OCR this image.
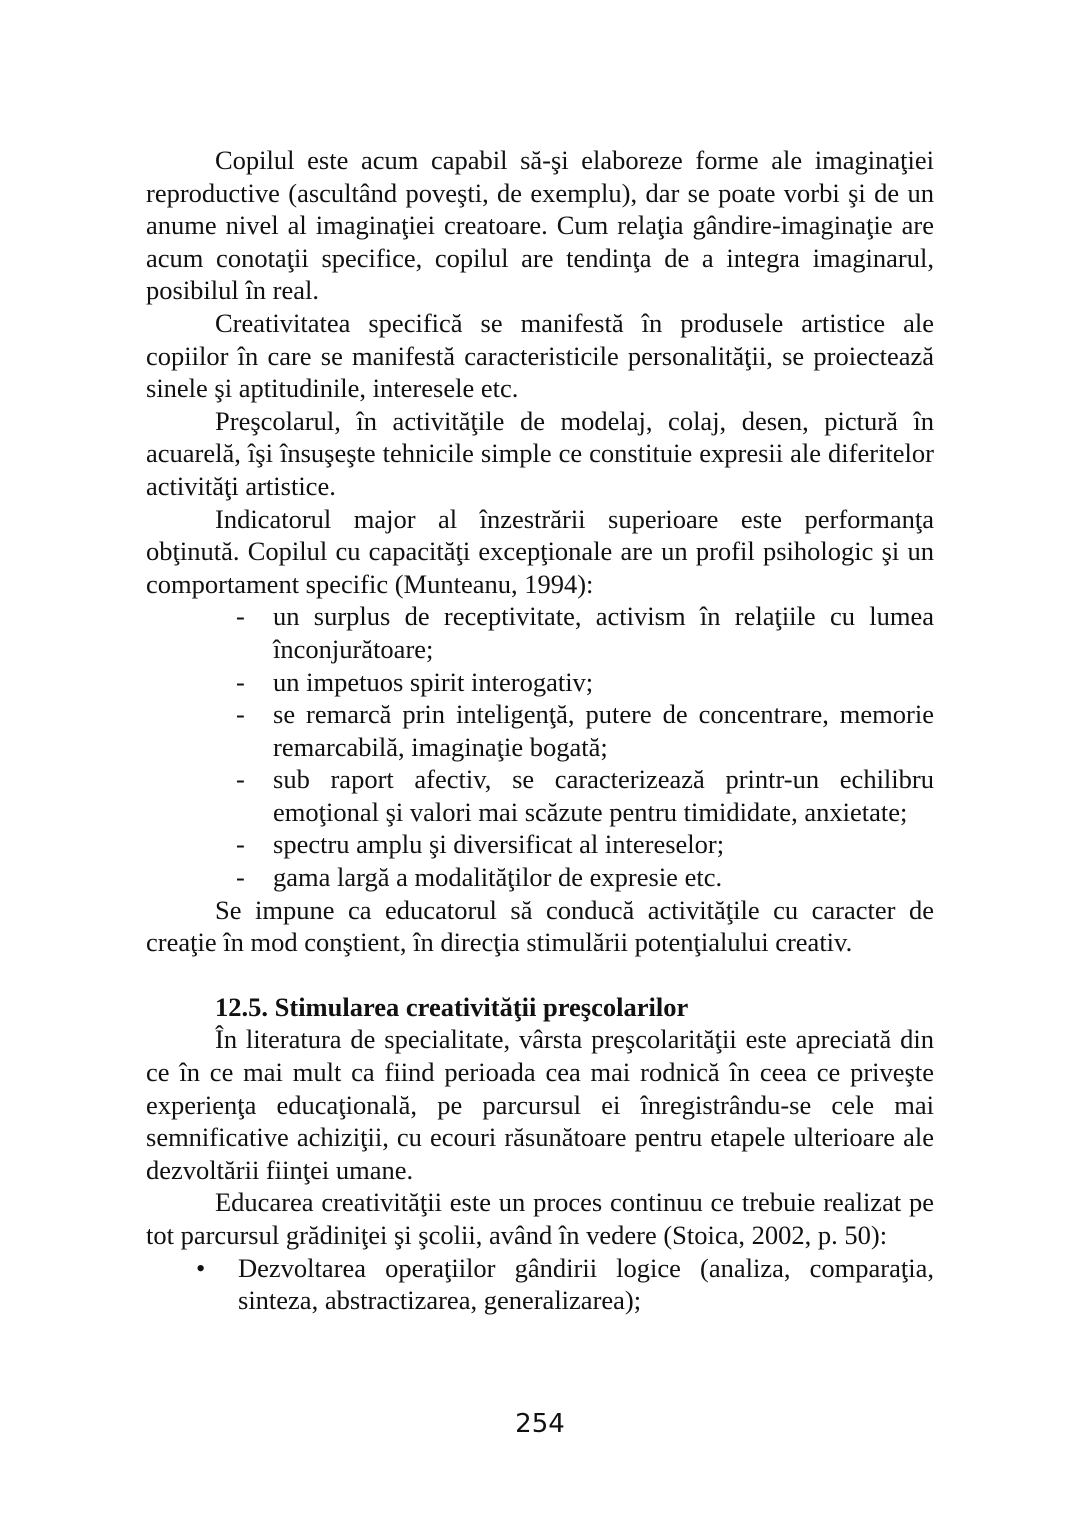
Copilul este acum capabil să-şi elaboreze forme ale imaginaţiei reproductive (ascultând poveşti, de exemplu), dar se poate vorbi şi de un anume nivel al imaginaţiei creatoare. Cum relaţia gândire-imaginaţie are acum conotaţii specifice, copilul are tendinţa de a integra imaginarul, posibilul în real.

Creativitatea specifică se manifestă în produsele artistice ale copiilor în care se manifestă caracteristicile personalităţii, se proiectează sinele şi aptitudinile, interesele etc.

Preşcolarul, în activităţile de modelaj, colaj, desen, pictură în acuarelă, îşi însuşeşte tehnicile simple ce constituie expresii ale diferitelor activităţi artistice.

Indicatorul major al înzestrării superioare este performanţa obţinută. Copilul cu capacităţi excepţionale are un profil psihologic şi un comportament specific (Munteanu, 1994):

- un surplus de receptivitate, activism în relaţiile cu lumea înconjurătoare;
- un impetuos spirit interogativ;
- se remarcă prin inteligenţă, putere de concentrare, memorie remarcabilă, imaginaţie bogată;
- sub raport afectiv, se caracterizează printr-un echilibru emoţional şi valori mai scăzute pentru timididate, anxietate;
- spectru amplu şi diversificat al intereselor;
- gama largă a modalităţilor de expresie etc.

Se impune ca educatorul să conducă activităţile cu caracter de creaţie în mod conştient, în direcţia stimulării potenţialului creativ.

12.5. Stimularea creativităţii preşcolarilor

În literatura de specialitate, vârsta preşcolarităţii este apreciată din ce în ce mai mult ca fiind perioada cea mai rodnică în ceea ce priveşte experienţa educaţională, pe parcursul ei înregistrându-se cele mai semnificative achiziţii, cu ecouri răsunătoare pentru etapele ulterioare ale dezvoltării fiinţei umane.

Educarea creativităţii este un proces continuu ce trebuie realizat pe tot parcursul grădiniţei şi şcolii, având în vedere (Stoica, 2002, p. 50):

• Dezvoltarea operaţiilor gândirii logice (analiza, comparaţia, sinteza, abstractizarea, generalizarea);
254
